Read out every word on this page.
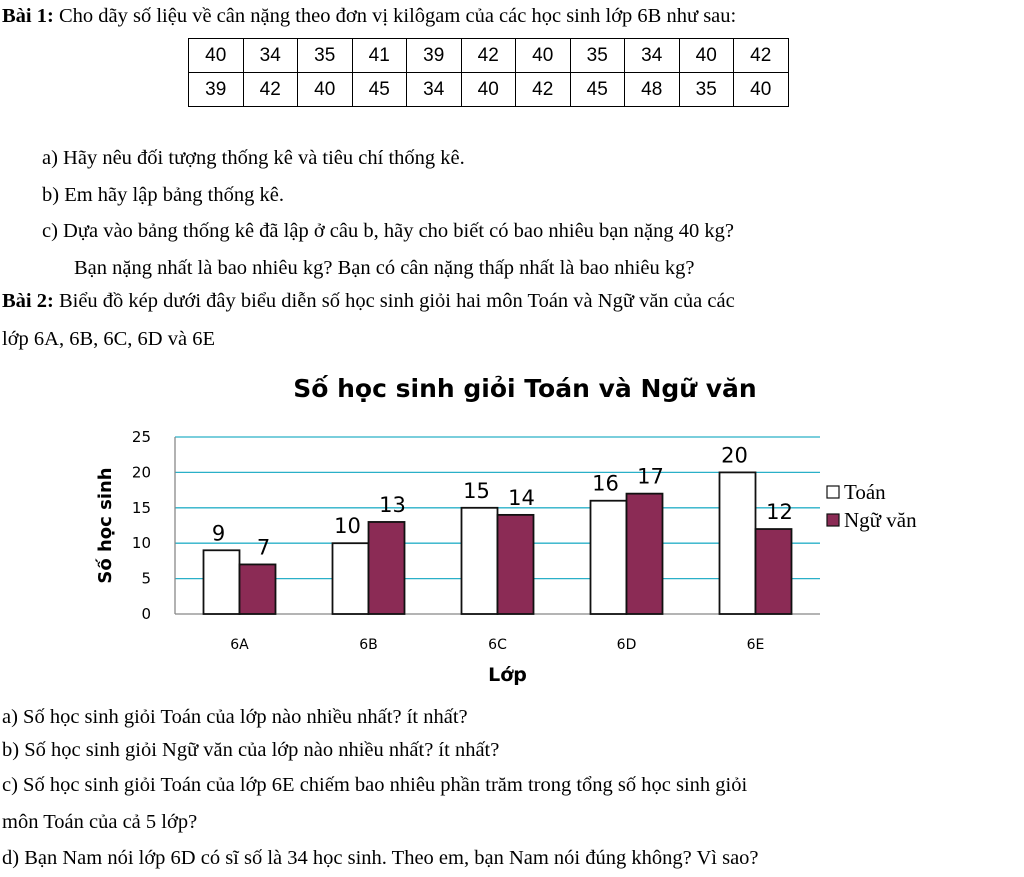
Bài 1: Cho dãy số liệu về cân nặng theo đơn vị kilôgam của các học sinh lớp 6B như sau:
40	34	35	41	39	42	40	35	34	40	42
39	42	40	45	34	40	42	45	48	35	40
a) Hãy nêu đối tượng thống kê và tiêu chí thống kê.
b) Em hãy lập bảng thống kê.
c) Dựa vào bảng thống kê đã lập ở câu b, hãy cho biết có bao nhiêu bạn nặng 40 kg?
Bạn nặng nhất là bao nhiêu kg? Bạn có cân nặng thấp nhất là bao nhiêu kg?
Bài 2: Biểu đồ kép dưới đây biểu diễn số học sinh giỏi hai môn Toán và Ngữ văn của các
lớp 6A, 6B, 6C, 6D và 6E
Số học sinh giỏi Toán và Ngữ văn
0
5
10
15
20
25
Số học sinh
6A
9
7
6B
10
13
6C
15 14
6D
16 17
6E
20
12
Lớp
Toán
Ngữ văn
a) Số học sinh giỏi Toán của lớp nào nhiều nhất? ít nhất?
b) Số học sinh giỏi Ngữ văn của lớp nào nhiều nhất? ít nhất?
c) Số học sinh giỏi Toán của lớp 6E chiếm bao nhiêu phần trăm trong tổng số học sinh giỏi
môn Toán của cả 5 lớp?
d) Bạn Nam nói lớp 6D có sĩ số là 34 học sinh. Theo em, bạn Nam nói đúng không? Vì sao?
